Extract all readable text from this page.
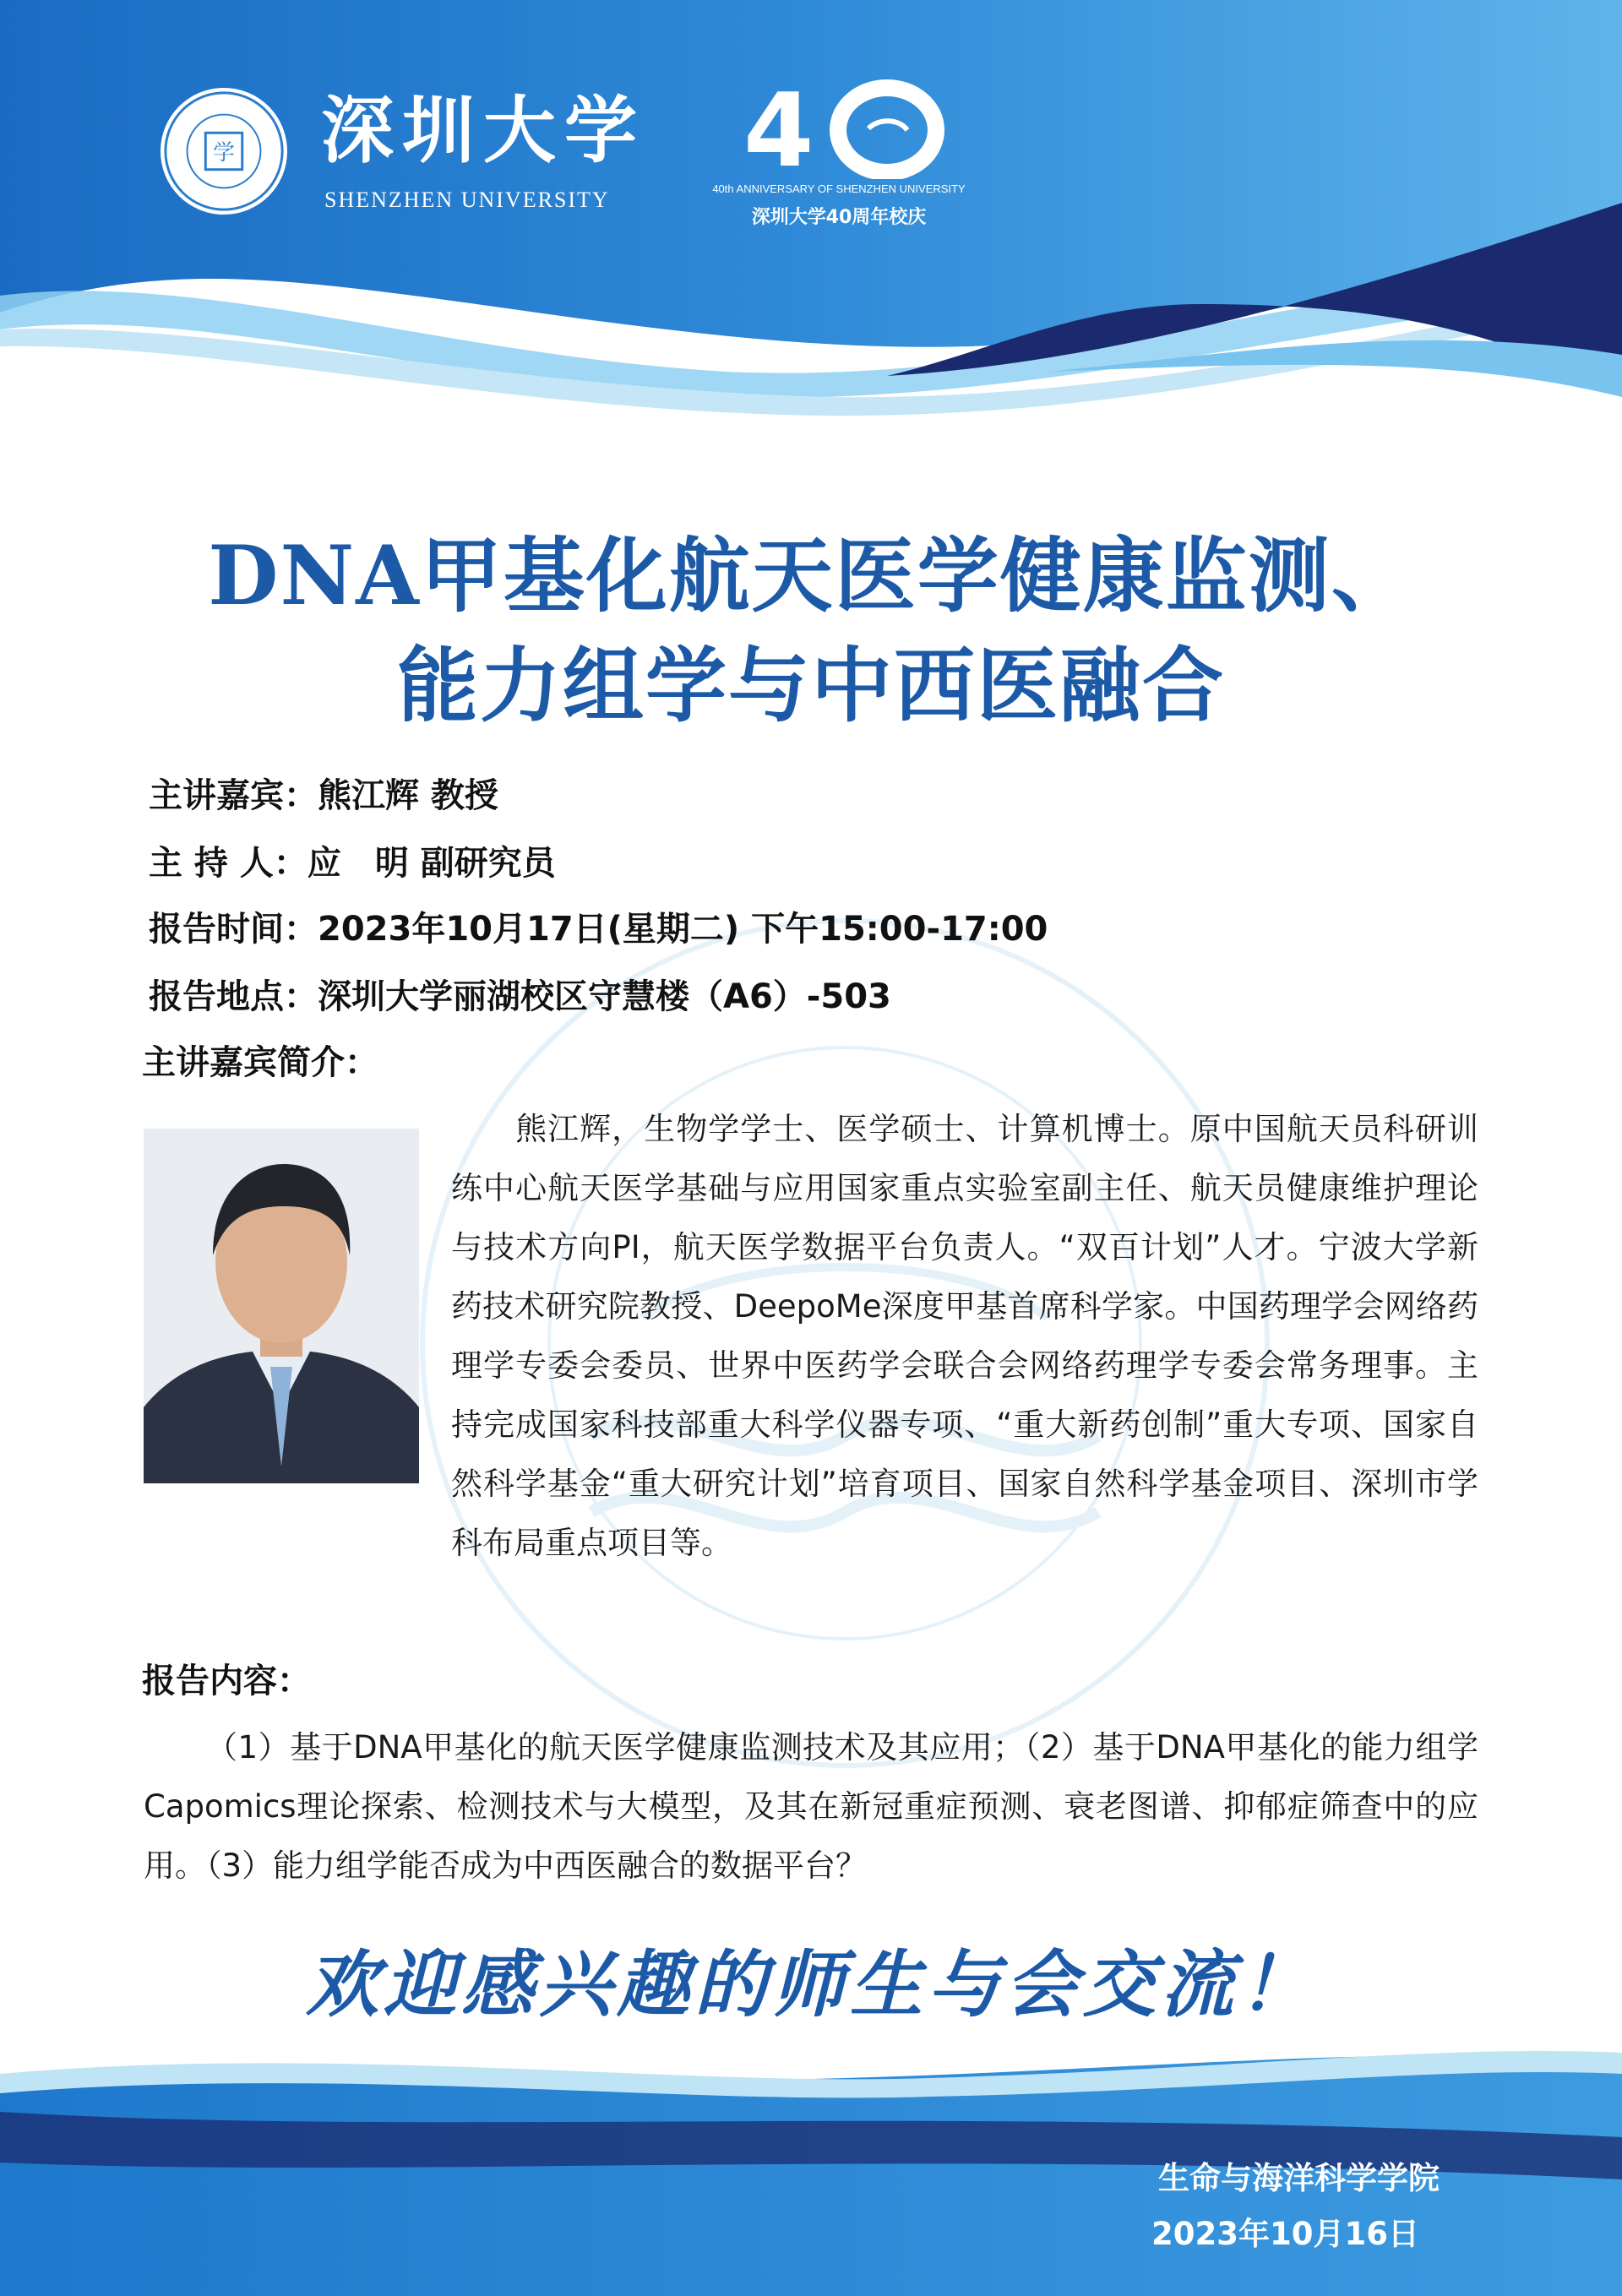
学 深圳大学
SHENZHEN UNIVERSITY
4
40th ANNIVERSARY OF SHENZHEN UNIVERSITY
深圳大学40周年校庆
DNA甲基化航天医学健康监测、
能力组学与中西医融合
主讲嘉宾：熊江辉 教授
主 持 人：应　明 副研究员
报告时间：2023年10月17日(星期二) 下午15:00-17:00
报告地点：深圳大学丽湖校区守慧楼（A6）-503
主讲嘉宾简介：

　　熊江辉，生物学学士、医学硕士、计算机博士。原中国航天员科研训练中心航天医学基础与应用国家重点实验室副主任、航天员健康维护理论与技术方向PI，航天医学数据平台负责人。“双百计划”人才。宁波大学新药技术研究院教授、DeepoMe深度甲基首席科学家。中国药理学会网络药理学专委会委员、世界中医药学会联合会网络药理学专委会常务理事。主持完成国家科技部重大科学仪器专项、“重大新药创制”重大专项、国家自然科学基金“重大研究计划”培育项目、国家自然科学基金项目、深圳市学科布局重点项目等。

报告内容：

（1）基于DNA甲基化的航天医学健康监测技术及其应用；（2）基于DNA甲基化的能力组学Capomics理论探索、检测技术与大模型，及其在新冠重症预测、衰老图谱、抑郁症筛查中的应用。（3）能力组学能否成为中西医融合的数据平台？

欢迎感兴趣的师生与会交流！
生命与海洋科学学院
2023年10月16日
